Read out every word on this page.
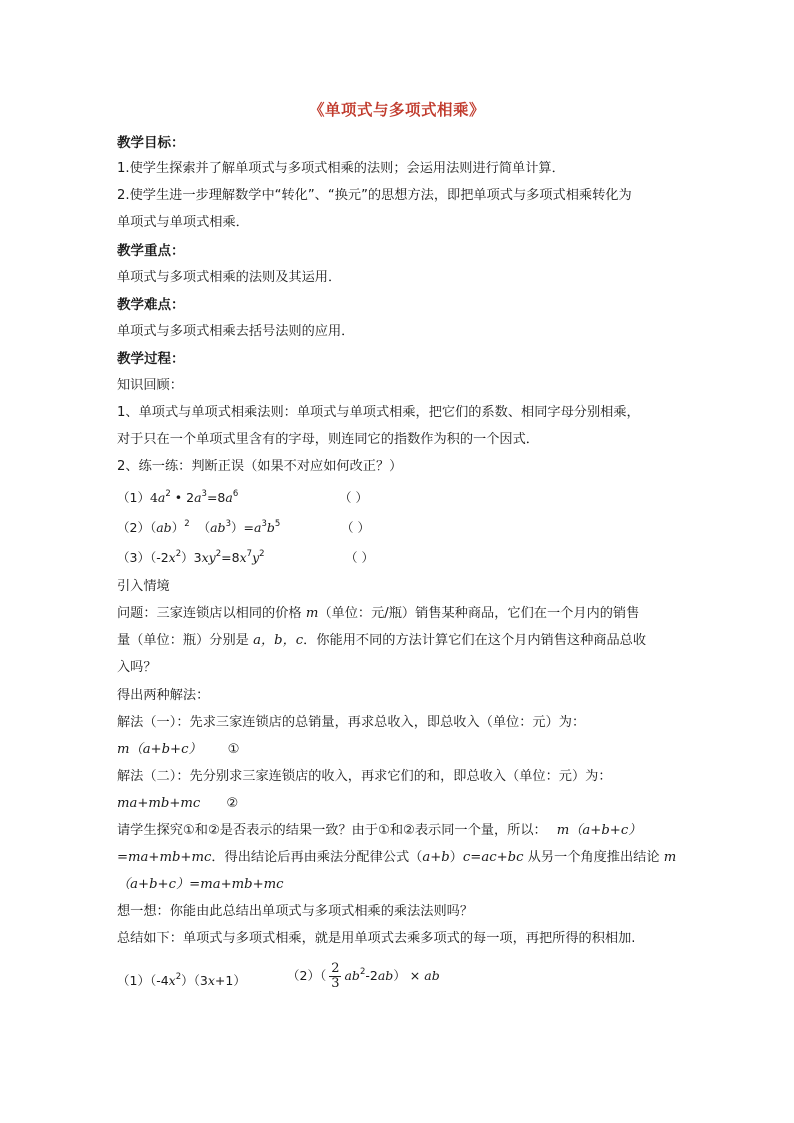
《单项式与多项式相乘》
教学目标：
1.使学生探索并了解单项式与多项式相乘的法则；会运用法则进行简单计算．
2.使学生进一步理解数学中“转化”、“换元”的思想方法，即把单项式与多项式相乘转化为
单项式与单项式相乘．
教学重点：
单项式与多项式相乘的法则及其运用．
教学难点：
单项式与多项式相乘去括号法则的应用．
教学过程：
知识回顾：
1、单项式与单项式相乘法则：单项式与单项式相乘，把它们的系数、相同字母分别相乘，
对于只在一个单项式里含有的字母，则连同它的指数作为积的一个因式．
2、练一练：判断正误（如果不对应如何改正？）
$(1)4a^2$ • $2a^3=8a^6$	（ ）
（2）（ab）$^2$ $(ab^3)=a^3b^5$	（ ）
$(3)(-2x^2)3xy^2=8x^7y^2$	（ ）
引入情境
问题：三家连锁店以相同的价格 m（单位：元/瓶）销售某种商品，它们在一个月内的销售
量（单位：瓶）分别是 a，b，c．你能用不同的方法计算它们在这个月内销售这种商品总收
入吗？
得出两种解法：
解法（一）：先求三家连锁店的总销量，再求总收入，即总收入（单位：元）为：
m（a+b+c） ①
解法（二）：先分别求三家连锁店的收入，再求它们的和，即总收入（单位：元）为：
ma+mb+mc ②
请学生探究①和②是否表示的结果一致？由于①和②表示同一个量，所以： m（a+b+c）
=ma+mb+mc．得出结论后再由乘法分配律公式（a+b）c=ac+bc 从另一个角度推出结论 m
（a+b+c）=ma+mb+mc
想一想：你能由此总结出单项式与多项式相乘的乘法法则吗？
总结如下：单项式与多项式相乘，就是用单项式去乘多项式的每一项，再把所得的积相加.
$(1)(-4x^2)(3x+1)$	$(2)( \frac{2}{3} ab^2-2ab)$ × ab
